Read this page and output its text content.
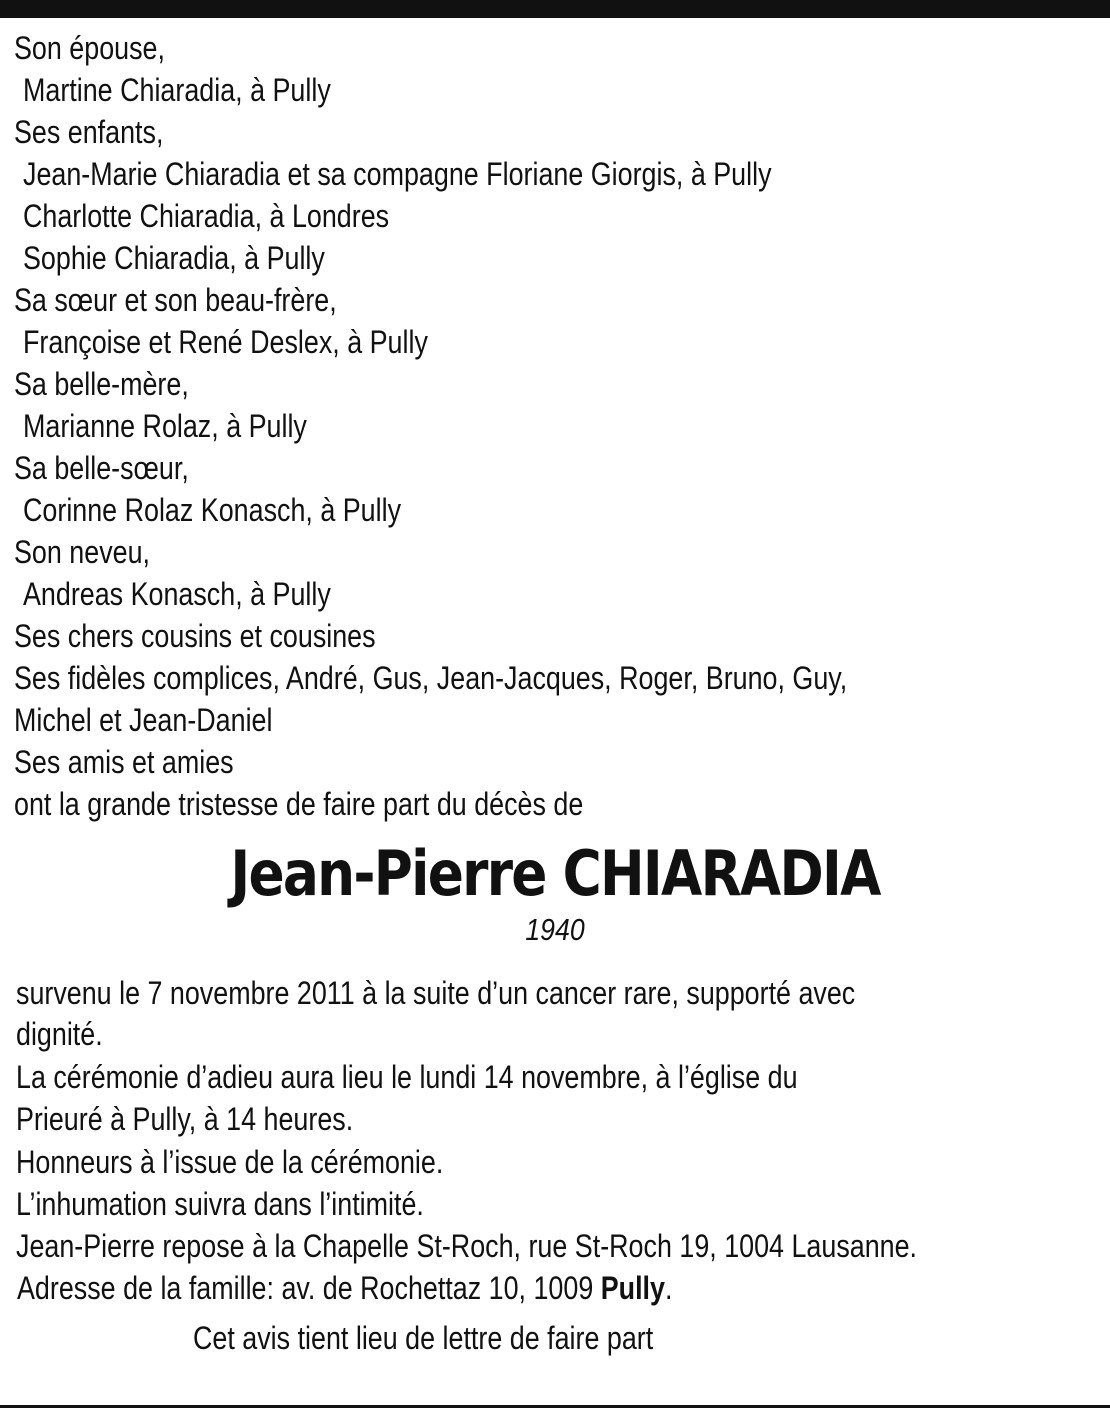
Son épouse,
Martine Chiaradia, à Pully
Ses enfants,
Jean-Marie Chiaradia et sa compagne Floriane Giorgis, à Pully
Charlotte Chiaradia, à Londres
Sophie Chiaradia, à Pully
Sa sœur et son beau-frère,
Françoise et René Deslex, à Pully
Sa belle-mère,
Marianne Rolaz, à Pully
Sa belle-sœur,
Corinne Rolaz Konasch, à Pully
Son neveu,
Andreas Konasch, à Pully
Ses chers cousins et cousines
Ses fidèles complices, André, Gus, Jean-Jacques, Roger, Bruno, Guy,
Michel et Jean-Daniel
Ses amis et amies
ont la grande tristesse de faire part du décès de
Jean-Pierre CHIARADIA
1940
survenu le 7 novembre 2011 à la suite d’un cancer rare, supporté avec
dignité.
La cérémonie d’adieu aura lieu le lundi 14 novembre, à l’église du
Prieuré à Pully, à 14 heures.
Honneurs à l’issue de la cérémonie.
L’inhumation suivra dans l’intimité.
Jean-Pierre repose à la Chapelle St-Roch, rue St-Roch 19, 1004 Lausanne.
Adresse de la famille: av. de Rochettaz 10, 1009 Pully.
Cet avis tient lieu de lettre de faire part
